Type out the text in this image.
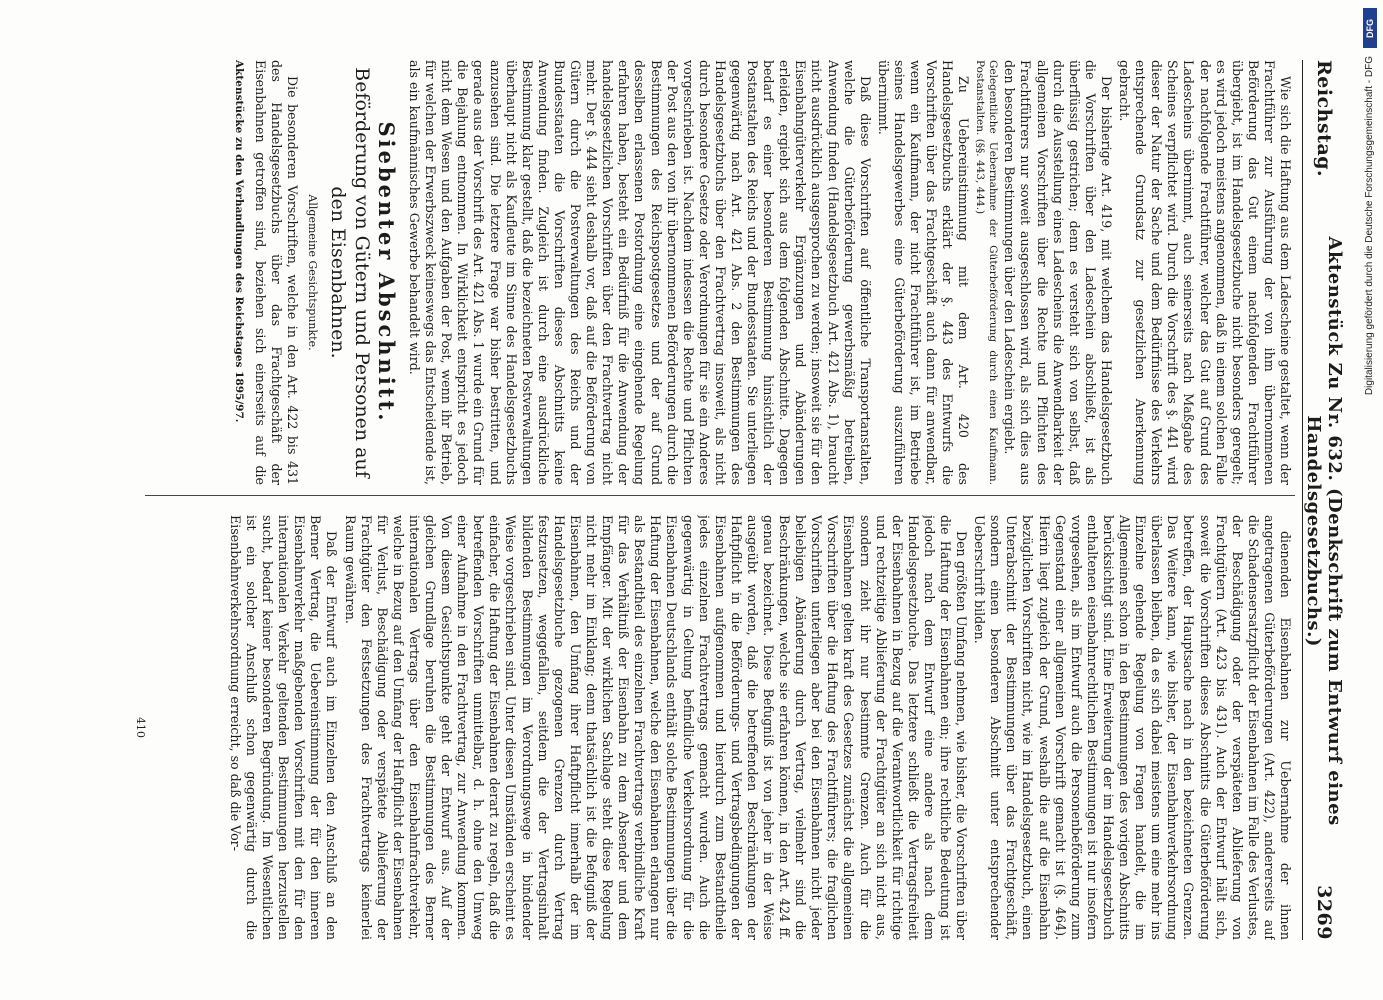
Reichstag.
Aktenstück Zu Nr. 632. (Denkschrift zum Entwurf eines Handelsgesetzbuchs.)
3269

Wie sich die Haftung aus dem Ladescheine gestaltet, wenn der Frachtführer zur Ausführung der von ihm übernommenen Beförderung das Gut einem nachfolgenden Frachtführer übergiebt, ist im Handelsgesetzbuche nicht besonders geregelt; es wird jedoch meistens angenommen, daß in einem solchen Falle der nachfolgende Frachtführer, welcher das Gut auf Grund des Ladescheins übernimmt, auch seinerseits nach Maßgabe des Scheines verpflichtet wird. Durch die Vorschrift des §. 441 wird dieser der Natur der Sache und dem Bedürfnisse des Verkehrs entsprechende Grundsatz zur gesetzlichen Anerkennung gebracht.

Der bisherige Art. 419, mit welchem das Handelsgesetzbuch die Vorschriften über den Ladeschein abschließt, ist als überflüssig gestrichen; denn es versteht sich von selbst, daß durch die Ausstellung eines Ladescheins die Anwendbarkeit der allgemeinen Vorschriften über die Rechte und Pflichten des Frachtführers nur soweit ausgeschlossen wird, als sich dies aus den besonderen Bestimmungen über den Ladeschein ergiebt.

Gelegentliche Uebernahme der Güterbeförderung durch einen Kaufmann. Postanstalten. (§§. 443, 444.)

Zu Uebereinstimmung mit dem Art. 420 des Handelsgesetzbuchs erklärt der §. 443 des Entwurfs die Vorschriften über das Frachtgeschäft auch dann für anwendbar, wenn ein Kaufmann, der nicht Frachtführer ist, im Betriebe seines Handelsgewerbes eine Güterbeförderung auszuführen übernimmt.

Daß diese Vorschriften auf öffentliche Transportanstalten, welche die Güterbeförderung gewerbsmäßig betreiben, Anwendung finden (Handelsgesetzbuch Art. 421 Abs. 1), braucht nicht ausdrücklich ausgesprochen zu werden; insoweit sie für den Eisenbahngüterverkehr Ergänzungen und Abänderungen erleiden, ergiebt sich aus dem folgenden Abschnitte. Dagegen bedarf es einer besonderen Bestimmung hinsichtlich der Postanstalten des Reichs und der Bundesstaaten. Sie unterliegen gegenwärtig nach Art. 421 Abs. 2 den Bestimmungen des Handelsgesetzbuchs über den Frachtvertrag insoweit, als nicht durch besondere Gesetze oder Verordnungen für sie ein Anderes vorgeschrieben ist. Nachdem indessen die Rechte und Pflichten der Post aus den von ihr übernommenen Beförderungen durch die Bestimmungen des Reichspostgesetzes und der auf Grund desselben erlassenen Postordnung eine eingehende Regelung erfahren haben, besteht ein Bedürfniß für die Anwendung der handelsgesetzlichen Vorschriften über den Frachtvertrag nicht mehr. Der §. 444 sieht deshalb vor, daß auf die Beförderung von Gütern durch die Postverwaltungen des Reichs und der Bundesstaaten die Vorschriften dieses Abschnitts keine Anwendung finden. Zugleich ist durch eine ausdrückliche Bestimmung klar gestellt, daß die bezeichneten Postverwaltungen überhaupt nicht als Kaufleute im Sinne des Handelsgesetzbuchs anzusehen sind. Die letztere Frage war bisher bestritten, und gerade aus der Vorschrift des Art. 421 Abs. 1 wurde ein Grund für die Bejahung entnommen. In Wirklichkeit entspricht es jedoch nicht dem Wesen und den Aufgaben der Post, wenn ihr Betrieb, für welchen der Erwerbszweck keineswegs das Entscheidende ist, als ein kaufmännisches Gewerbe behandelt wird.

Siebenter Abschnitt.
Beförderung von Gütern und Personen auf den Eisenbahnen.
Allgemeine Gesichtspunkte.

Die besonderen Vorschriften, welche in den Art. 422 bis 431 des Handelsgesetzbuchs über das Frachtgeschäft der Eisenbahnen getroffen sind, beziehen sich einerseits auf die

Aktenstücke zu den Verhandlungen des Reichstages 1895/97.

dienenden Eisenbahnen zur Uebernahme der ihnen angetragenen Güterbeförderungen (Art. 422), andererseits auf die Schadensersatzpflicht der Eisenbahnen im Falle des Verlustes, der Beschädigung oder der verspäteten Ablieferung von Frachtgütern (Art. 423 bis 431). Auch der Entwurf hält sich, soweit die Vorschriften dieses Abschnitts die Güterbeförderung betreffen, der Hauptsache nach in den bezeichneten Grenzen. Das Weitere kann, wie bisher, der Eisenbahnverkehrsordnung überlassen bleiben, da es sich dabei meistens um eine mehr ins Einzelne gehende Regelung von Fragen handelt, die im Allgemeinen schon in den Bestimmungen des vorigen Abschnitts berücksichtigt sind. Eine Erweiterung der im Handelsgesetzbuch enthaltenen eisenbahnrechtlichen Bestimmungen ist nur insofern vorgesehen, als im Entwurf auch die Personenbeförderung zum Gegenstand einer allgemeinen Vorschrift gemacht ist (§. 464). Hierin liegt zugleich der Grund, weshalb die auf die Eisenbahn bezüglichen Vorschriften nicht, wie im Handelsgesetzbuch, einen Unterabschnitt der Bestimmungen über das Frachtgeschäft, sondern einen besonderen Abschnitt unter entsprechender Ueberschrift bilden.

Den größten Umfang nehmen, wie bisher, die Vorschriften über die Haftung der Eisenbahnen ein; ihre rechtliche Bedeutung ist jedoch nach dem Entwurf eine andere als nach dem Handelsgesetzbuche. Das letztere schließt die Vertragsfreiheit der Eisenbahnen in Bezug auf die Verantwortlichkeit für richtige und rechtzeitige Ablieferung der Frachtgüter an sich nicht aus, sondern zieht ihr nur bestimmte Grenzen. Auch für die Eisenbahnen gelten kraft des Gesetzes zunächst die allgemeinen Vorschriften über die Haftung des Frachtführers; die fraglichen Vorschriften unterliegen aber bei den Eisenbahnen nicht jeder beliebigen Abänderung durch Vertrag, vielmehr sind die Beschränkungen, welche sie erfahren können, in den Art. 424 ff. genau bezeichnet. Diese Befugniß ist von jeher in der Weise ausgeübt worden, daß die betreffenden Beschränkungen der Haftpflicht in die Beförderungs- und Vertragsbedingungen der Eisenbahnen aufgenommen und hierdurch zum Bestandtheile jedes einzelnen Frachtvertrags gemacht wurden. Auch die gegenwärtig in Geltung befindliche Verkehrsordnung für die Eisenbahnen Deutschlands enthält solche Bestimmungen über die Haftung der Eisenbahnen, welche den Eisenbahnen erlangen nur als Bestandtheil des einzelnen Frachtvertrags verbindliche Kraft für das Verhältniß der Eisenbahn zu dem Absender und dem Empfänger. Mit der wirklichen Sachlage steht diese Regelung nicht mehr im Einklang; denn thatsächlich ist die Befugniß der Eisenbahnen, den Umfang ihrer Haftpflicht innerhalb der im Handelsgesetzbuche gezogenen Grenzen durch Vertrag festzusetzen, weggefallen, seitdem die der Vertragsinhalt bildenden Bestimmungen im Verordnungswege in bindender Weise vorgeschrieben sind. Unter diesen Umständen erscheint es einfacher, die Haftung der Eisenbahnen derart zu regeln, daß die betreffenden Vorschriften unmittelbar, d. h. ohne den Umweg einer Aufnahme in den Frachtvertrag, zur Anwendung kommen. Von diesem Gesichtspunkte geht der Entwurf aus. Auf der gleichen Grundlage beruhen die Bestimmungen des Berner internationalen Vertrags über den Eisenbahnfrachtverkehr, welche in Bezug auf den Umfang der Haftpflicht der Eisenbahnen für Verlust, Beschädigung oder verspätete Ablieferung der Frachtgüter den Festsetzungen des Frachtvertrags keinerlei Raum gewähren.

Daß der Entwurf auch im Einzelnen den Anschluß an den Berner Vertrag, die Uebereinstimmung der für den inneren Eisenbahnverkehr maßgebenden Vorschriften mit den für den internationalen Verkehr geltenden Bestimmungen herzustellen sucht, bedarf keiner besonderen Begründung. Im Wesentlichen ist ein solcher Anschluß schon gegenwärtig durch die Eisenbahnverkehrsordnung erreicht, so daß die Vor-

410
DFG
Digitalisierung gefördert durch die Deutsche Forschungsgemeinschaft - DFG
